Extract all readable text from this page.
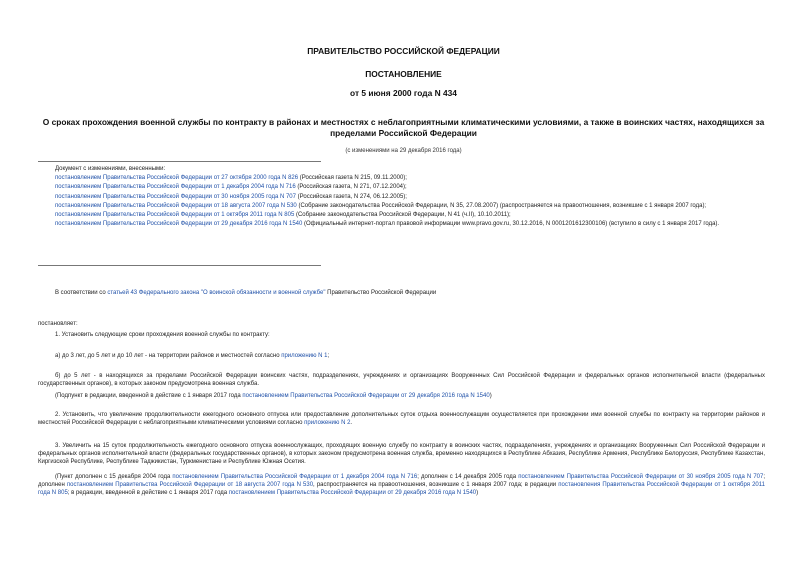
ПРАВИТЕЛЬСТВО РОССИЙСКОЙ ФЕДЕРАЦИИ
ПОСТАНОВЛЕНИЕ
от 5 июня 2000 года N 434
О сроках прохождения военной службы по контракту в районах и местностях с неблагоприятными климатическими условиями, а также в воинских частях, находящихся за пределами Российской Федерации
(с изменениями на 29 декабря 2016 года)
Документ с изменениями, внесенными:
постановлением Правительства Российской Федерации от 27 октября 2000 года N 826 (Российская газета N 215, 09.11.2000);
постановлением Правительства Российской Федерации от 1 декабря 2004 года N 716 (Российская газета, N 271, 07.12.2004);
постановлением Правительства Российской Федерации от 30 ноября 2005 года N 707 (Российская газета, N 274, 06.12.2005);
постановлением Правительства Российской Федерации от 18 августа 2007 года N 530 (Собрание законодательства Российской Федерации, N 35, 27.08.2007) (распространяется на правоотношения, возникшие с 1 января 2007 года);
постановлением Правительства Российской Федерации от 1 октября 2011 года N 805 (Собрание законодательства Российской Федерации, N 41 (ч.II), 10.10.2011);
постановлением Правительства Российской Федерации от 29 декабря 2016 года N 1540 (Официальный интернет-портал правовой информации www.pravo.gov.ru, 30.12.2016, N 0001201612300106) (вступило в силу с 1 января 2017 года).
В соответствии со статьей 43 Федерального закона "О воинской обязанности и военной службе" Правительство Российской Федерации
постановляет:
1. Установить следующие сроки прохождения военной службы по контракту:
а) до 3 лет, до 5 лет и до 10 лет - на территории районов и местностей согласно приложению N 1;
б) до 5 лет - в находящихся за пределами Российской Федерации воинских частях, подразделениях, учреждениях и организациях Вооруженных Сил Российской Федерации и федеральных органов исполнительной власти (федеральных государственных органов), в которых законом предусмотрена военная служба.
(Подпункт в редакции, введенной в действие с 1 января 2017 года постановлением Правительства Российской Федерации от 29 декабря 2016 года N 1540)
2. Установить, что увеличение продолжительности ежегодного основного отпуска или предоставление дополнительных суток отдыха военнослужащим осуществляется при прохождении ими военной службы по контракту на территории районов и местностей Российской Федерации с неблагоприятными климатическими условиями согласно приложению N 2.
3. Увеличить на 15 суток продолжительность ежегодного основного отпуска военнослужащих, проходящих военную службу по контракту в воинских частях, подразделениях, учреждениях и организациях Вооруженных Сил Российской Федерации и федеральных органов исполнительной власти (федеральных государственных органов), в которых законом предусмотрена военная служба, временно находящихся в Республике Абхазия, Республике Армения, Республике Белоруссия, Республике Казахстан, Киргизской Республике, Республике Таджикистан, Туркменистане и Республике Южная Осетия.
(Пункт дополнен с 15 декабря 2004 года постановлением Правительства Российской Федерации от 1 декабря 2004 года N 716; дополнен с 14 декабря 2005 года постановлением Правительства Российской Федерации от 30 ноября 2005 года N 707; дополнен постановлением Правительства Российской Федерации от 18 августа 2007 года N 530, распространяется на правоотношения, возникшие с 1 января 2007 года; в редакции постановления Правительства Российской Федерации от 1 октября 2011 года N 805; в редакции, введенной в действие с 1 января 2017 года постановлением Правительства Российской Федерации от 29 декабря 2016 года N 1540)
